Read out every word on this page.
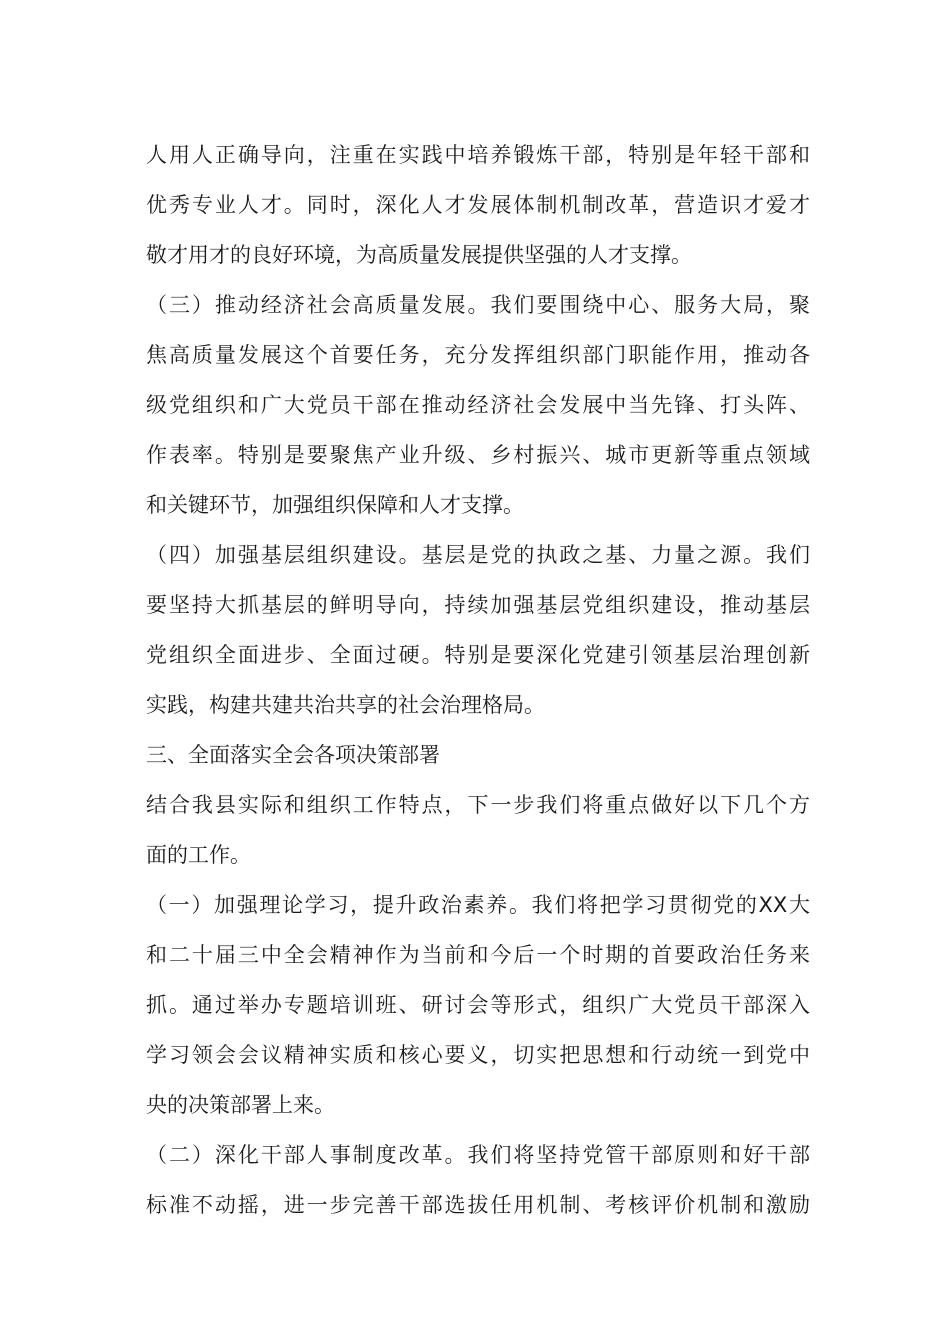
人用人正确导向，注重在实践中培养锻炼干部，特别是年轻干部和
优秀专业人才。同时，深化人才发展体制机制改革，营造识才爱才
敬才用才的良好环境，为高质量发展提供坚强的人才支撑。
（三）推动经济社会高质量发展。我们要围绕中心、服务大局，聚
焦高质量发展这个首要任务，充分发挥组织部门职能作用，推动各
级党组织和广大党员干部在推动经济社会发展中当先锋、打头阵、
作表率。特别是要聚焦产业升级、乡村振兴、城市更新等重点领域
和关键环节，加强组织保障和人才支撑。
（四）加强基层组织建设。基层是党的执政之基、力量之源。我们
要坚持大抓基层的鲜明导向，持续加强基层党组织建设，推动基层
党组织全面进步、全面过硬。特别是要深化党建引领基层治理创新
实践，构建共建共治共享的社会治理格局。
三、全面落实全会各项决策部署
结合我县实际和组织工作特点，下一步我们将重点做好以下几个方
面的工作。
（一）加强理论学习，提升政治素养。我们将把学习贯彻党的XX大
和二十届三中全会精神作为当前和今后一个时期的首要政治任务来
抓。通过举办专题培训班、研讨会等形式，组织广大党员干部深入
学习领会会议精神实质和核心要义，切实把思想和行动统一到党中
央的决策部署上来。
（二）深化干部人事制度改革。我们将坚持党管干部原则和好干部
标准不动摇，进一步完善干部选拔任用机制、考核评价机制和激励
